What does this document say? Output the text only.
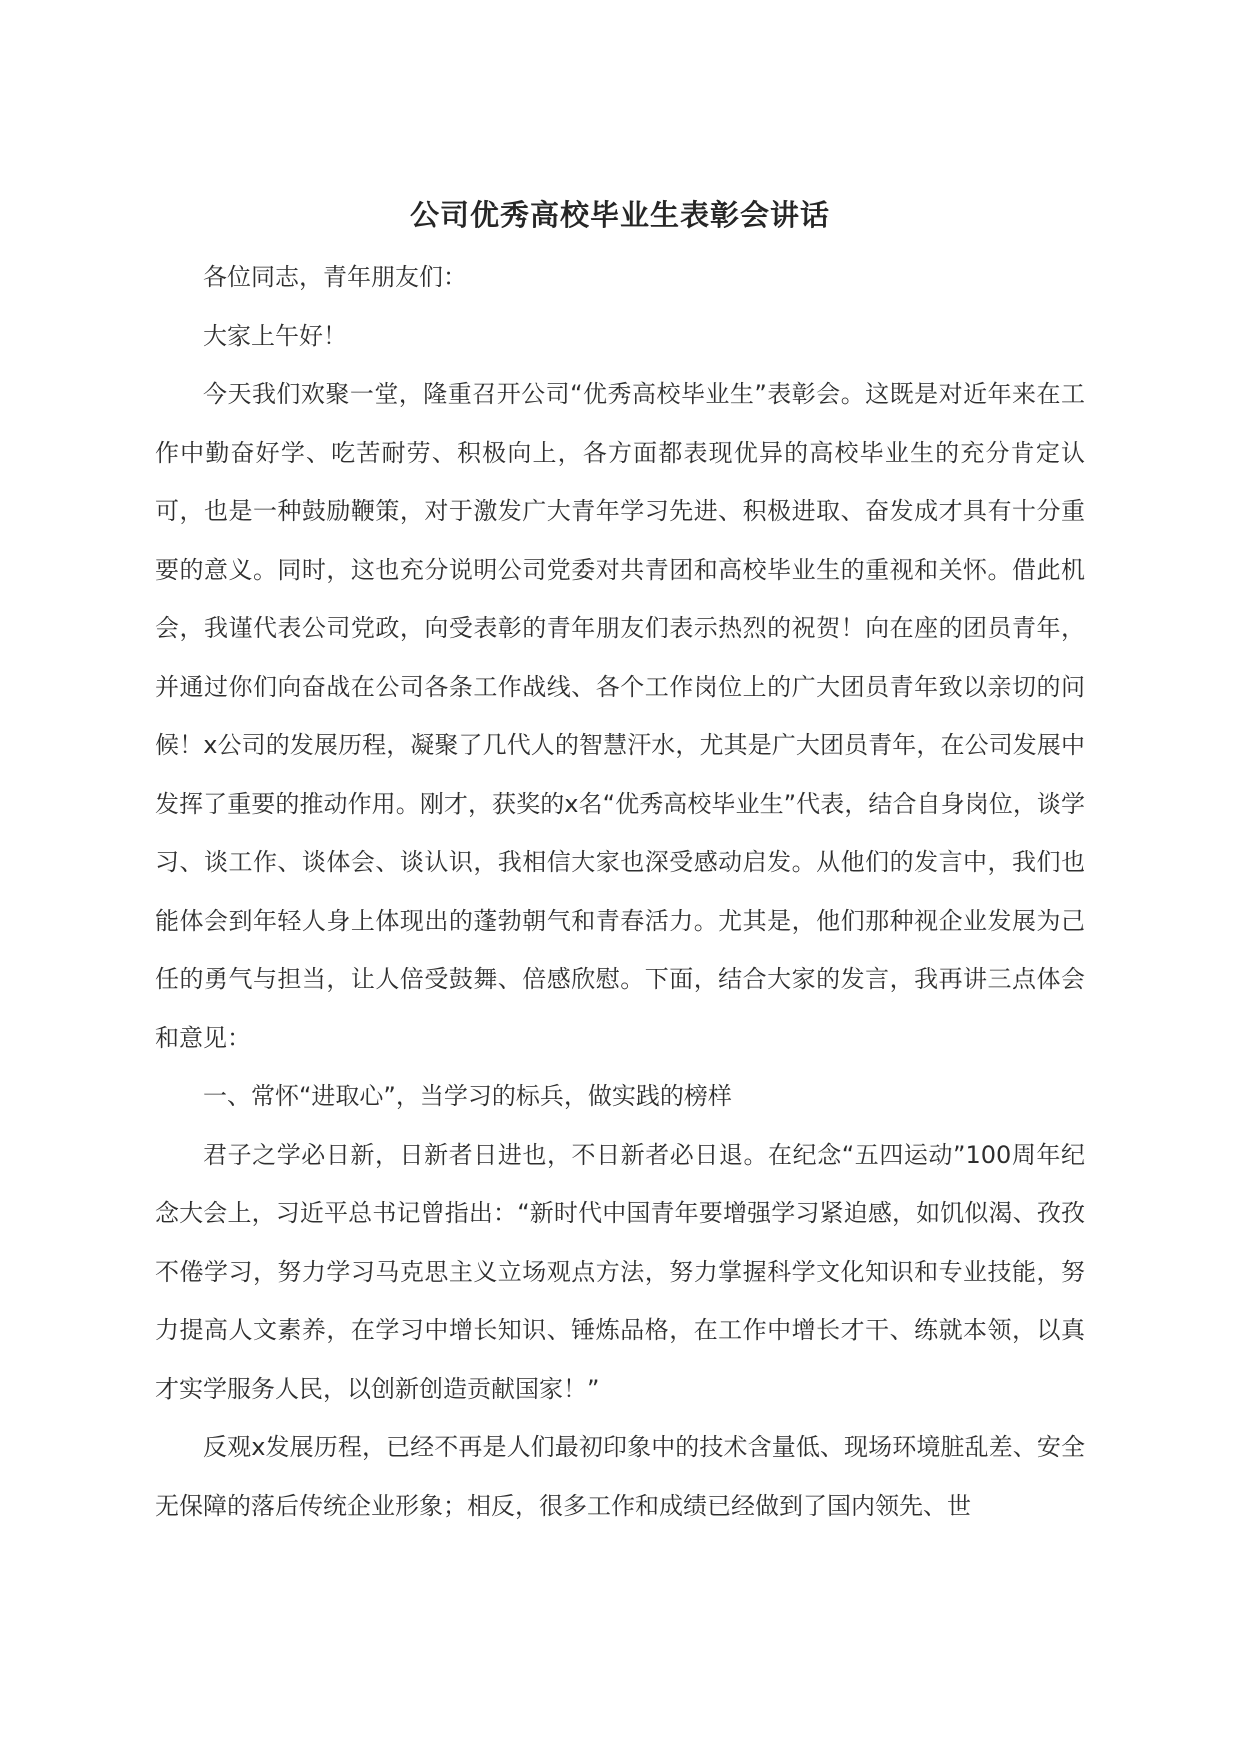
公司优秀高校毕业生表彰会讲话

各位同志，青年朋友们：

大家上午好！

今天我们欢聚一堂，隆重召开公司“优秀高校毕业生”表彰会。这既是对近年来在工作中勤奋好学、吃苦耐劳、积极向上，各方面都表现优异的高校毕业生的充分肯定认可，也是一种鼓励鞭策，对于激发广大青年学习先进、积极进取、奋发成才具有十分重要的意义。同时，这也充分说明公司党委对共青团和高校毕业生的重视和关怀。借此机会，我谨代表公司党政，向受表彰的青年朋友们表示热烈的祝贺！向在座的团员青年，并通过你们向奋战在公司各条工作战线、各个工作岗位上的广大团员青年致以亲切的问候！x公司的发展历程，凝聚了几代人的智慧汗水，尤其是广大团员青年，在公司发展中发挥了重要的推动作用。刚才，获奖的x名“优秀高校毕业生”代表，结合自身岗位，谈学习、谈工作、谈体会、谈认识，我相信大家也深受感动启发。从他们的发言中，我们也能体会到年轻人身上体现出的蓬勃朝气和青春活力。尤其是，他们那种视企业发展为己任的勇气与担当，让人倍受鼓舞、倍感欣慰。下面，结合大家的发言，我再讲三点体会和意见：

一、常怀“进取心”，当学习的标兵，做实践的榜样

君子之学必日新，日新者日进也，不日新者必日退。在纪念“五四运动”100周年纪念大会上，习近平总书记曾指出：“新时代中国青年要增强学习紧迫感，如饥似渴、孜孜不倦学习，努力学习马克思主义立场观点方法，努力掌握科学文化知识和专业技能，努力提高人文素养，在学习中增长知识、锤炼品格，在工作中增长才干、练就本领，以真才实学服务人民，以创新创造贡献国家！”

反观x发展历程，已经不再是人们最初印象中的技术含量低、现场环境脏乱差、安全无保障的落后传统企业形象；相反，很多工作和成绩已经做到了国内领先、世
